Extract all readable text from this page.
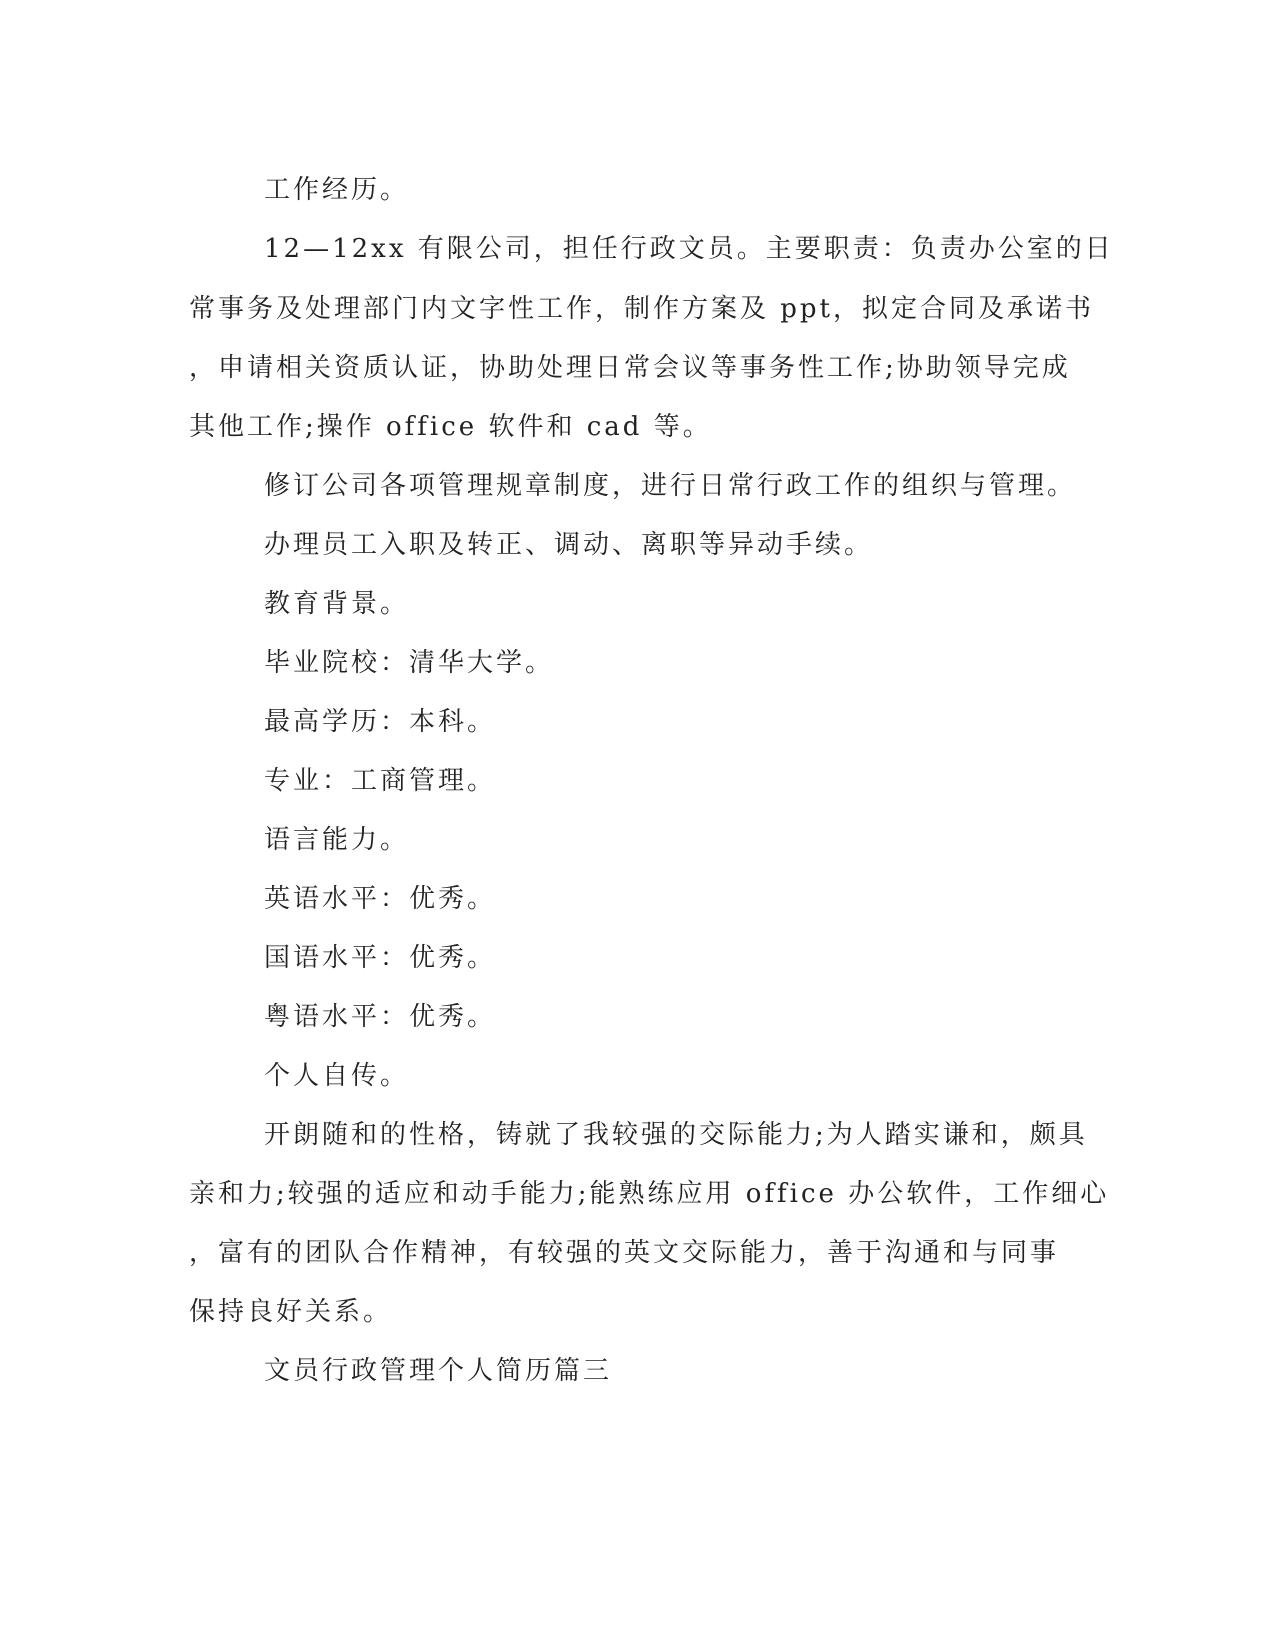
工作经历。
12—12xx 有限公司，担任行政文员。主要职责：负责办公室的日
常事务及处理部门内文字性工作，制作方案及 ppt，拟定合同及承诺书
，申请相关资质认证，协助处理日常会议等事务性工作;协助领导完成
其他工作;操作 office 软件和 cad 等。
修订公司各项管理规章制度，进行日常行政工作的组织与管理。
办理员工入职及转正、调动、离职等异动手续。
教育背景。
毕业院校：清华大学。
最高学历：本科。
专业：工商管理。
语言能力。
英语水平：优秀。
国语水平：优秀。
粤语水平：优秀。
个人自传。
开朗随和的性格，铸就了我较强的交际能力;为人踏实谦和，颇具
亲和力;较强的适应和动手能力;能熟练应用 office 办公软件，工作细心
，富有的团队合作精神，有较强的英文交际能力，善于沟通和与同事
保持良好关系。
文员行政管理个人简历篇三
